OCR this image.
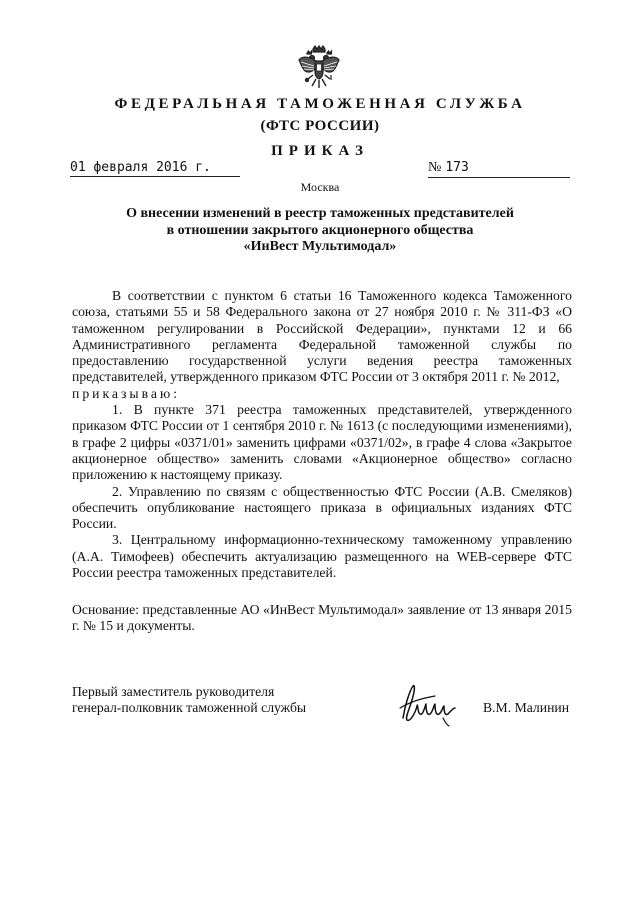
ФЕДЕРАЛЬНАЯ ТАМОЖЕННАЯ СЛУЖБА
(ФТС РОССИИ)
ПРИКАЗ
01 февраля 2016 г.	№ 173
Москва
О внесении изменений в реестр таможенных представителей
в отношении закрытого акционерного общества
«ИнВест Мультимодал»

В соответствии с пунктом 6 статьи 16 Таможенного кодекса Таможенного союза, статьями 55 и 58 Федерального закона от 27 ноября 2010 г. № 311-ФЗ «О таможенном регулировании в Российской Федерации», пунктами 12 и 66 Административного регламента Федеральной таможенной службы по предоставлению государственной услуги ведения реестра таможенных представителей, утвержденного приказом ФТС России от 3 октября 2011 г. № 2012,

приказываю:

1. В пункте 371 реестра таможенных представителей, утвержденного приказом ФТС России от 1 сентября 2010 г. № 1613 (с последующими изменениями), в графе 2 цифры «0371/01» заменить цифрами «0371/02», в графе 4 слова «Закрытое акционерное общество» заменить словами «Акционерное общество» согласно приложению к настоящему приказу.

2. Управлению по связям с общественностью ФТС России (А.В. Смеляков) обеспечить опубликование настоящего приказа в официальных изданиях ФТС России.

3. Центральному информационно-техническому таможенному управлению (А.А. Тимофеев) обеспечить актуализацию размещенного на WEB-сервере ФТС России реестра таможенных представителей.

Основание: представленные АО «ИнВест Мультимодал» заявление от 13 января 2015 г. № 15 и документы.
Первый заместитель руководителя
генерал-полковник таможенной службы	В.М. Малинин
